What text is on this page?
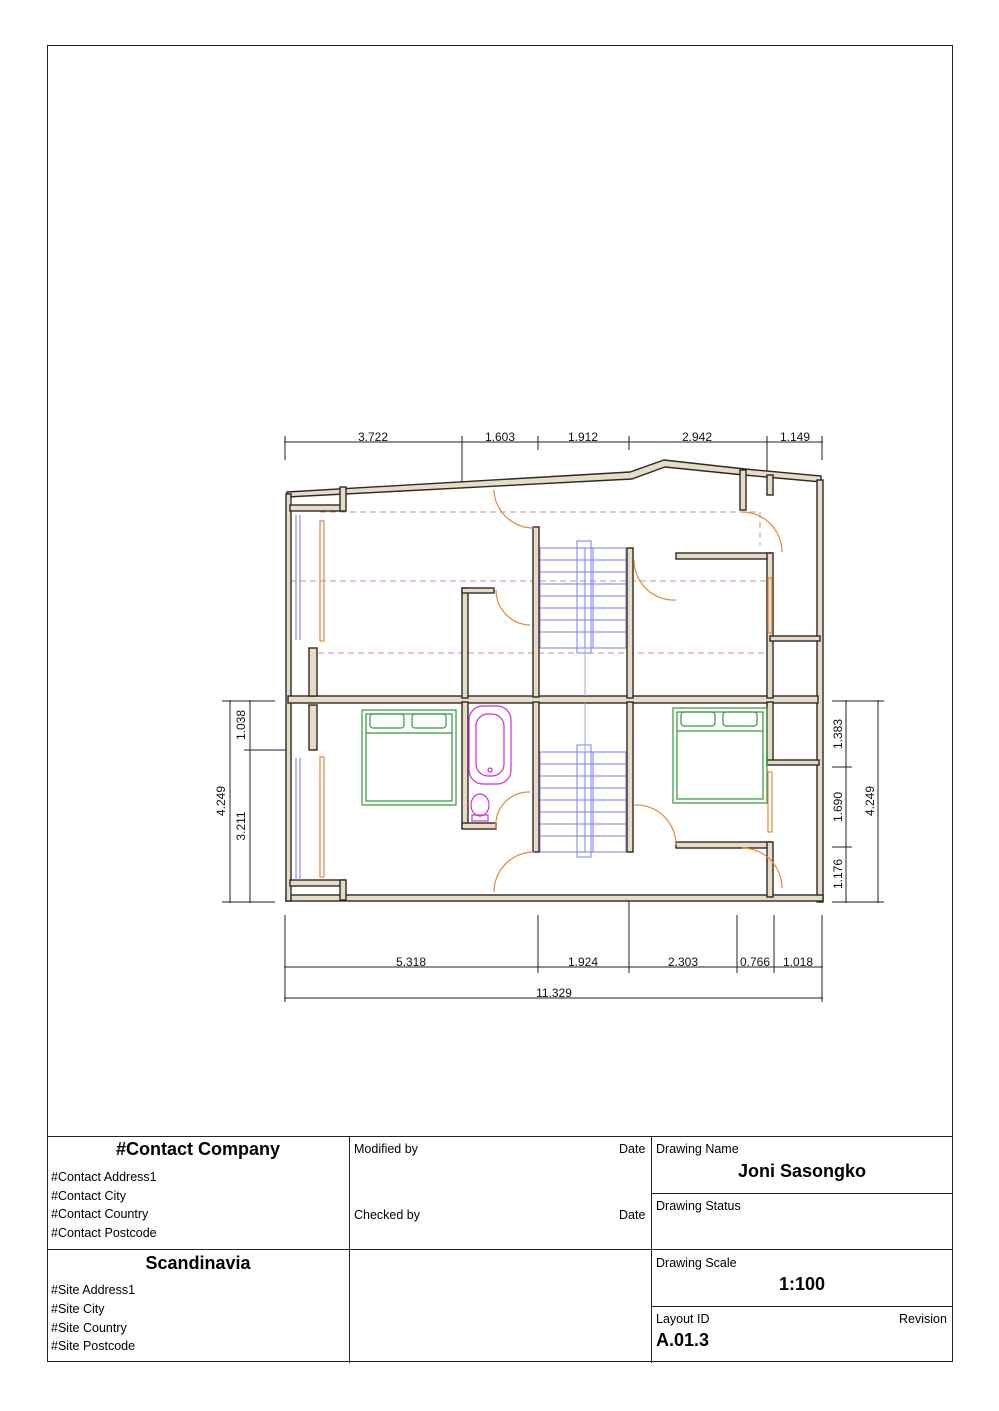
3.722	1.603	1.912	2.942	1.149
5.318	1.924	2.303	0.766 1.018
11.329
1.038
3.211
4.249
1.383
1.690
1.176
4.249
#Contact Company
#Contact Address1
#Contact City
#Contact Country
#Contact Postcode
Scandinavia
#Site Address1
#Site City
#Site Country
#Site Postcode
Modified by	Date
Checked by	Date
Drawing Name
Joni Sasongko
Drawing Status
Drawing Scale
1:100
Layout ID	Revision
A.01.3
